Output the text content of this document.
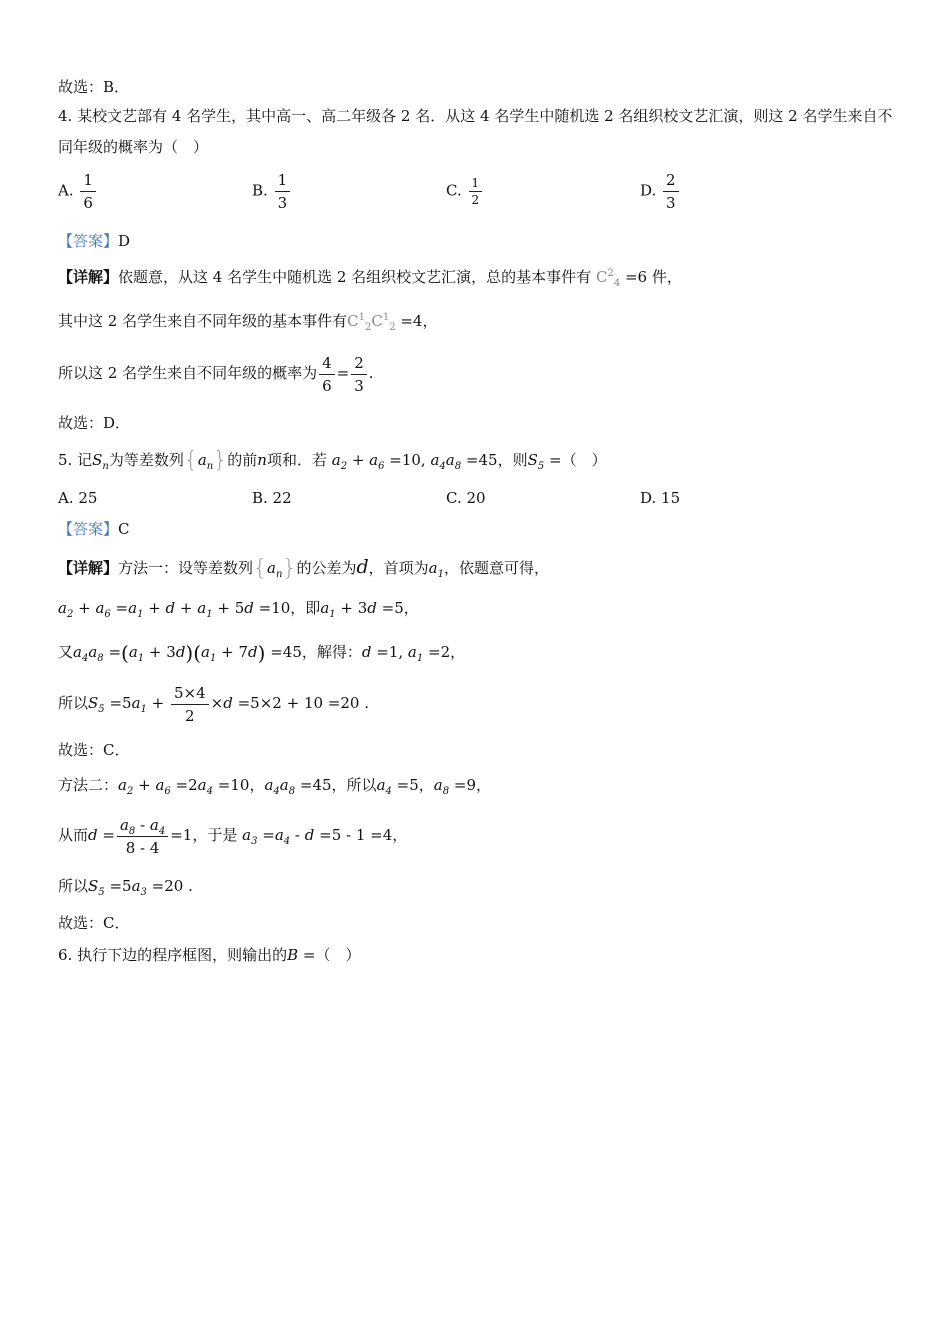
故选：B．
4. 某校文艺部有 4 名学生，其中高一、高二年级各 2 名．从这 4 名学生中随机选 2 名组织校文艺汇演，则这 2 名学生来自不同年级的概率为（　）
A. $\frac{1}{6}$	B. $\frac{1}{3}$	C. $\frac{1}{2}$	D. $\frac{2}{3}$
【答案】D
【详解】依题意，从这 4 名学生中随机选 2 名组织校文艺汇演，总的基本事件有 $C^2_4 =6$ 件，
其中这 2 名学生来自不同年级的基本事件有$C^1_2C^1_2 =4$，
所以这 2 名学生来自不同年级的概率为 $\frac{4}{6} = \frac{2}{3}$ .
故选：D．
5. 记$S_n$为等差数列$\{a_n\}$的前n项和．若 $a_2 + a_6 =10$, $a_4a_8 =45$，则$S_5$ =（　）
A. 25	B. 22	C. 20	D. 15
【答案】C
【详解】方法一：设等差数列$\{a_n\}$的公差为d，首项为$a_1$，依题意可得，
$a_2 + a_6 =a_1 + d + a_1 + 5d =10$，即$a_1 + 3d =5$，
又$a_4a_8 =(a_1 + 3d)(a_1 + 7d) =45$，解得：d =1, $a_1 =2$，
所以$S_5 =5a_1 + \frac{5\times 4}{2} \times d =5\times 2 + 10 =20$ .
故选：C．
方法二：$a_2 + a_6 =2a_4 =10$，$a_4a_8 =45$，所以$a_4 =5$，$a_8 =9$，
从而$d = \frac{a_8 - a_4}{8 - 4} =1$，于是 $a_3 =a_4 - d =5 - 1 =4$，
所以$S_5 =5a_3 =20$ .
故选：C．
6. 执行下边的程序框图，则输出的B =（　）
